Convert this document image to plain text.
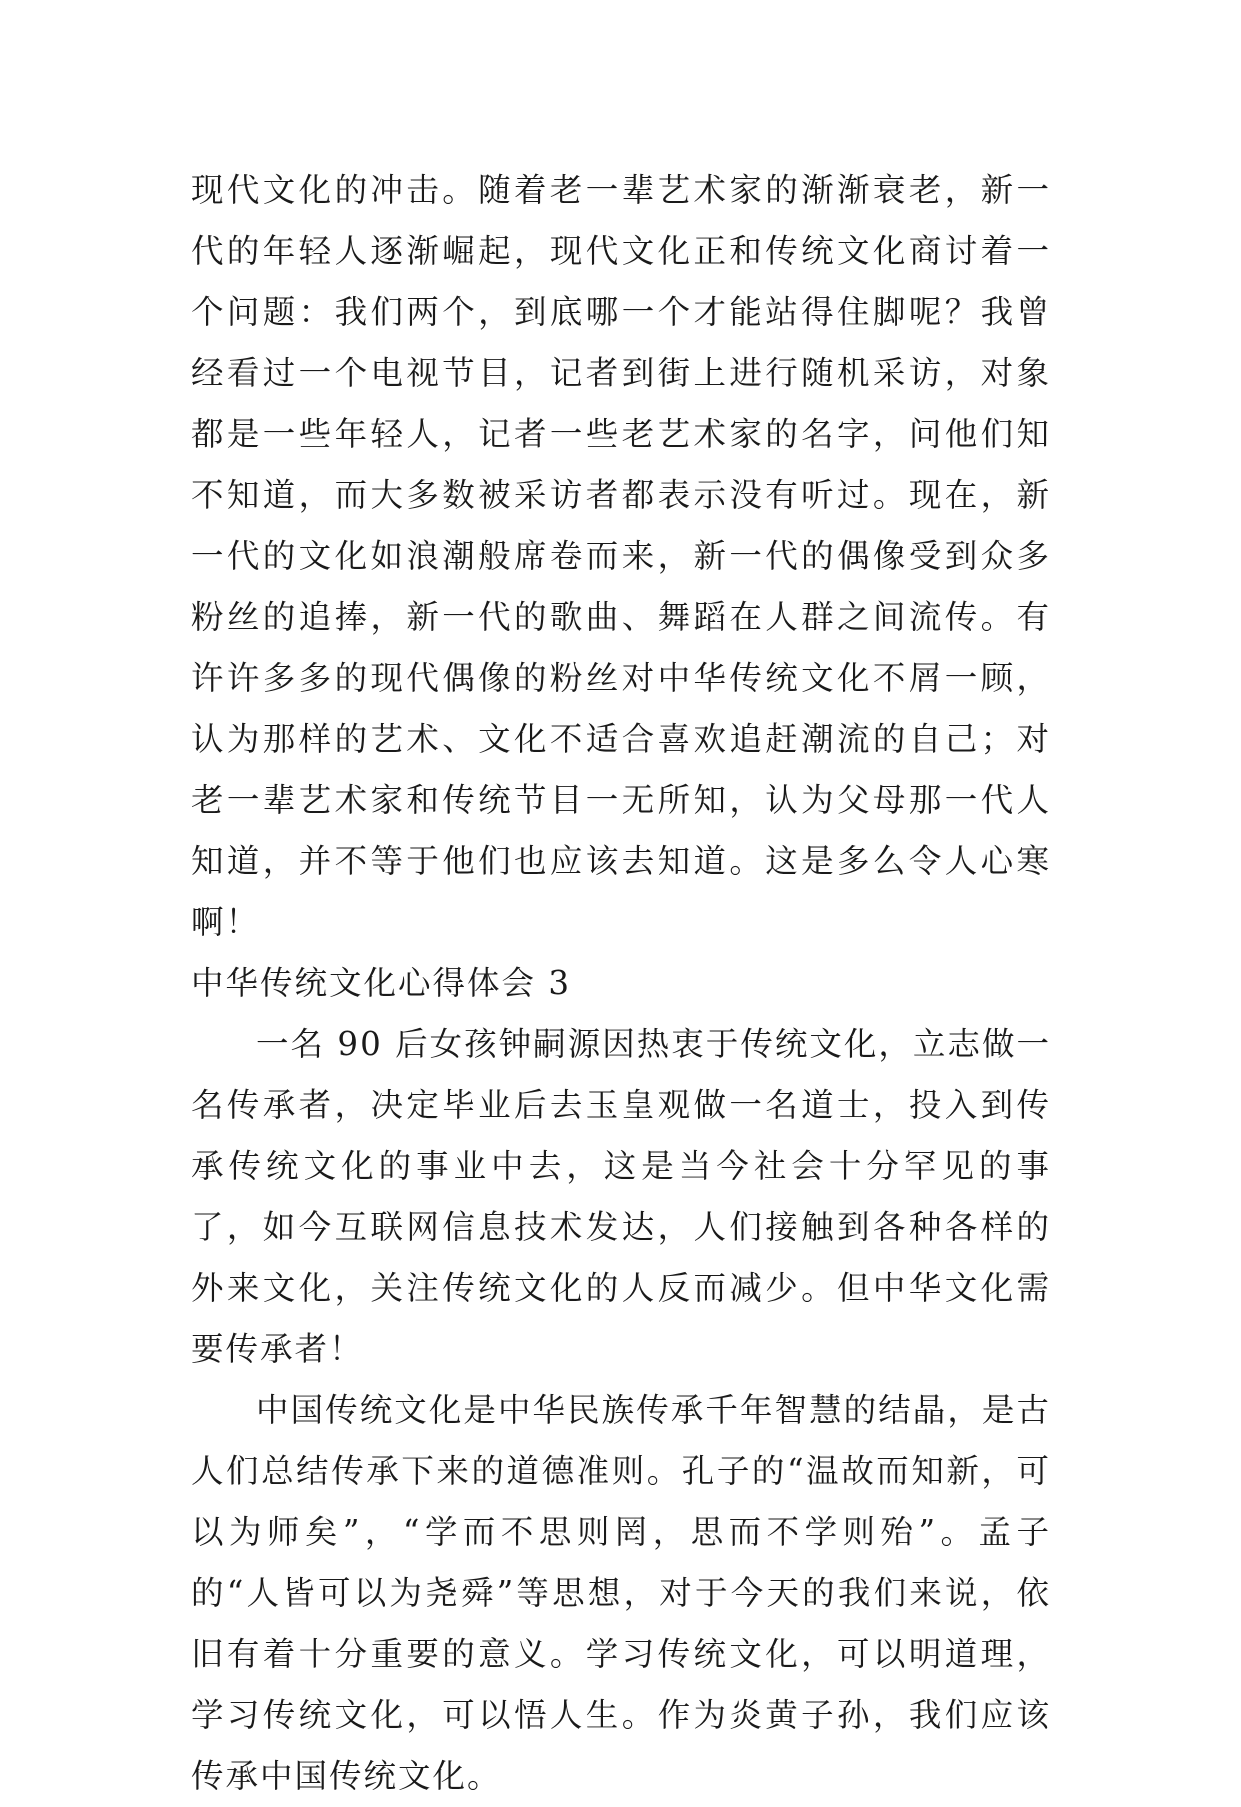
现代文化的冲击。随着老一辈艺术家的渐渐衰老，新一代的年轻人逐渐崛起，现代文化正和传统文化商讨着一个问题：我们两个，到底哪一个才能站得住脚呢？我曾经看过一个电视节目，记者到街上进行随机采访，对象都是一些年轻人，记者一些老艺术家的名字，问他们知不知道，而大多数被采访者都表示没有听过。现在，新一代的文化如浪潮般席卷而来，新一代的偶像受到众多粉丝的追捧，新一代的歌曲、舞蹈在人群之间流传。有许许多多的现代偶像的粉丝对中华传统文化不屑一顾，认为那样的艺术、文化不适合喜欢追赶潮流的自己；对老一辈艺术家和传统节目一无所知，认为父母那一代人知道，并不等于他们也应该去知道。这是多么令人心寒啊！

中华传统文化心得体会 3

一名 90 后女孩钟嗣源因热衷于传统文化，立志做一名传承者，决定毕业后去玉皇观做一名道士，投入到传承传统文化的事业中去，这是当今社会十分罕见的事了，如今互联网信息技术发达，人们接触到各种各样的外来文化，关注传统文化的人反而减少。但中华文化需要传承者！

中国传统文化是中华民族传承千年智慧的结晶，是古人们总结传承下来的道德准则。孔子的“温故而知新，可以为师矣”，“学而不思则罔，思而不学则殆”。孟子的“人皆可以为尧舜”等思想，对于今天的我们来说，依旧有着十分重要的意义。学习传统文化，可以明道理，学习传统文化，可以悟人生。作为炎黄子孙，我们应该传承中国传统文化。
